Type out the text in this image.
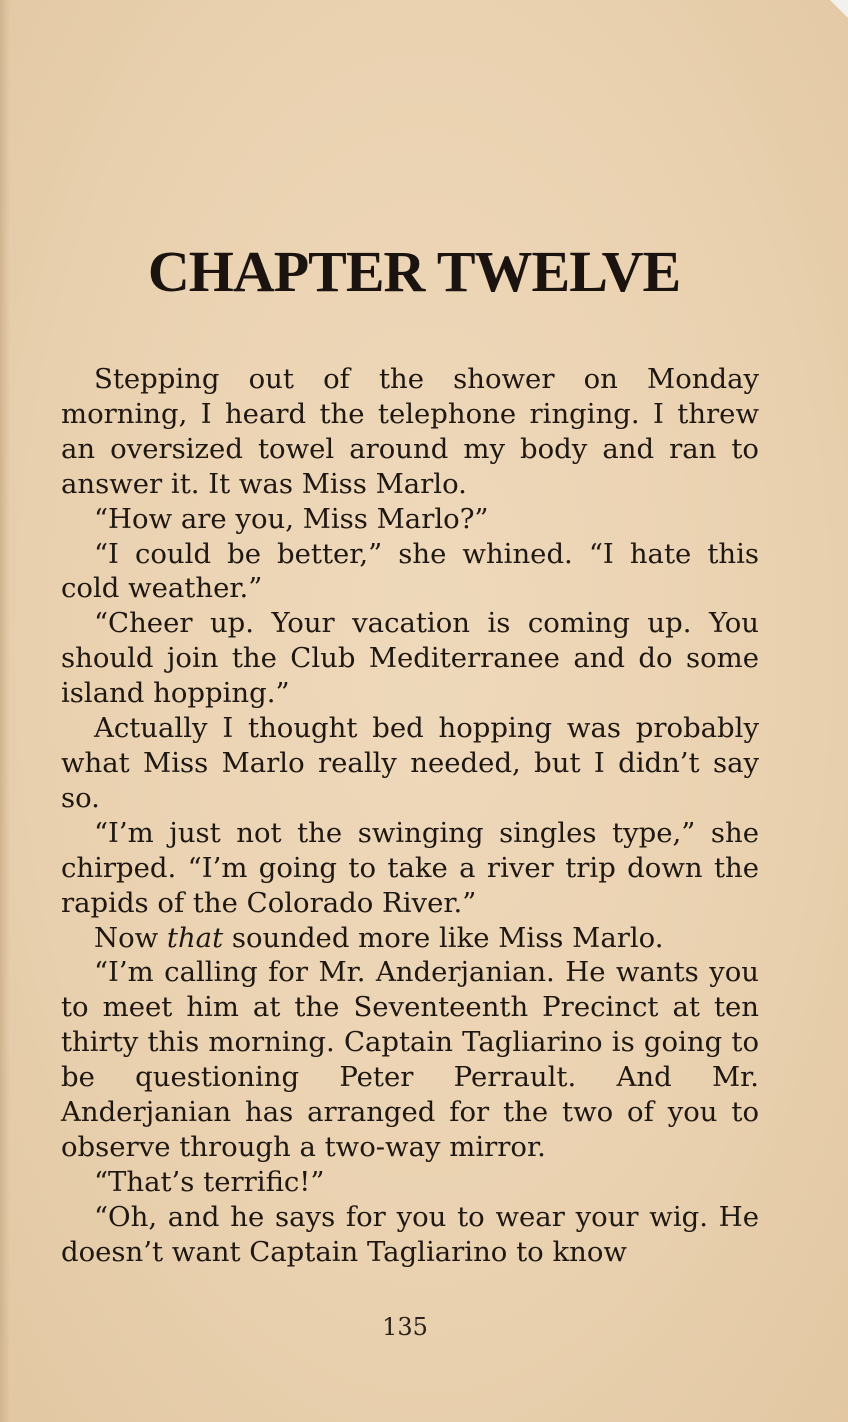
CHAPTER TWELVE

Stepping out of the shower on Monday morning, I heard the telephone ringing. I threw an oversized towel around my body and ran to answer it. It was Miss Marlo.

“How are you, Miss Marlo?”

“I could be better,” she whined. “I hate this cold weather.”

“Cheer up. Your vacation is coming up. You should join the Club Mediterranee and do some island hopping.”

Actually I thought bed hopping was probably what Miss Marlo really needed, but I didn’t say so.

“I’m just not the swinging singles type,” she chirped. “I’m going to take a river trip down the rapids of the Colorado River.”

Now that sounded more like Miss Marlo.

“I’m calling for Mr. Anderjanian. He wants you to meet him at the Seventeenth Precinct at ten thirty this morning. Captain Tagliarino is going to be questioning Peter Perrault. And Mr. Anderjanian has arranged for the two of you to observe through a two-way mirror.

“That’s terrific!”

“Oh, and he says for you to wear your wig. He doesn’t want Captain Tagliarino to know

135
